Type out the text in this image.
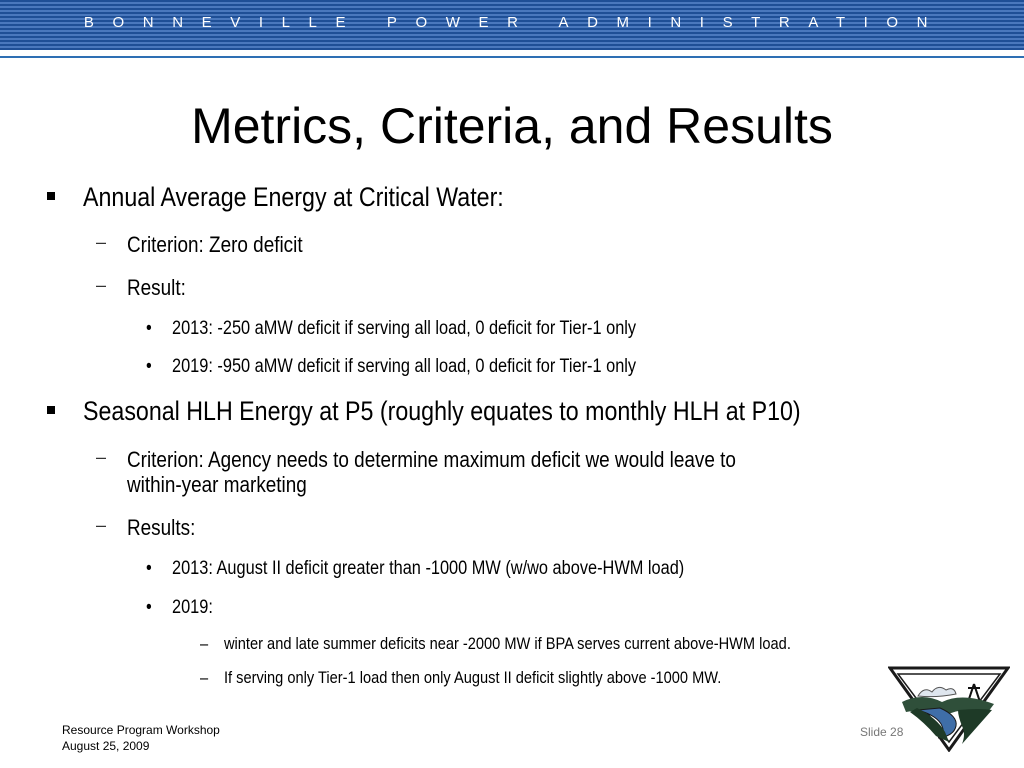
BONNEVILLE POWER ADMINISTRATION
Metrics, Criteria, and Results
Annual Average Energy at Critical Water:
– Criterion: Zero deficit
– Result:
• 2013: -250 aMW deficit if serving all load, 0 deficit for Tier-1 only
• 2019: -950 aMW deficit if serving all load, 0 deficit for Tier-1 only
Seasonal HLH Energy at P5 (roughly equates to monthly HLH at P10)
– Criterion: Agency needs to determine maximum deficit we would leave to
within-year marketing
– Results:
• 2013: August II deficit greater than -1000 MW (w/wo above-HWM load)
• 2019:
– winter and late summer deficits near -2000 MW if BPA serves current above-HWM load.
– If serving only Tier-1 load then only August II deficit slightly above -1000 MW.
Resource Program Workshop
August 25, 2009
Slide 28
